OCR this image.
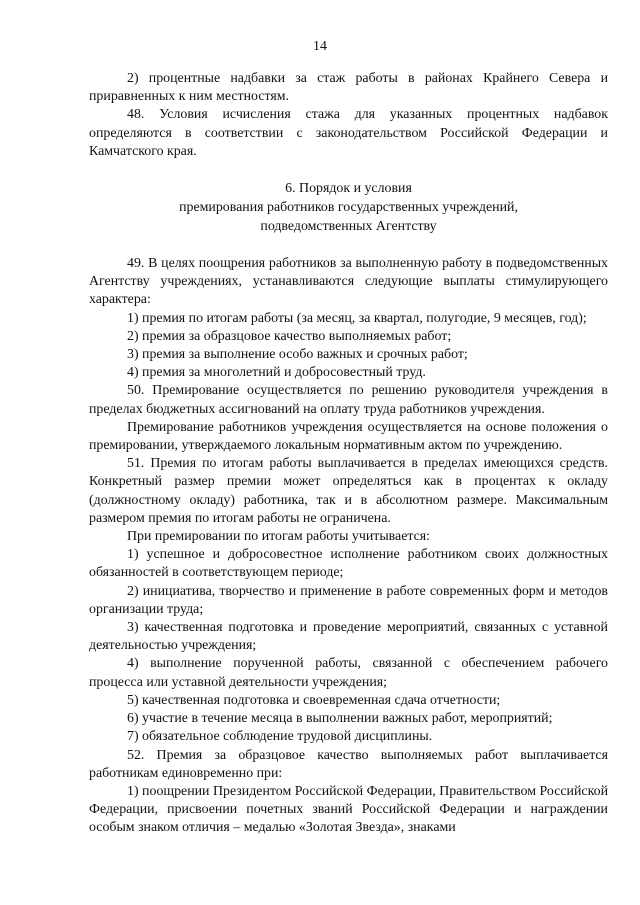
14

2) процентные надбавки за стаж работы в районах Крайнего Севера и приравненных к ним местностям.

48. Условия исчисления стажа для указанных процентных надбавок определяются в соответствии с законодательством Российской Федерации и Камчатского края.

6. Порядок и условия

премирования работников государственных учреждений,

подведомственных Агентству

49. В целях поощрения работников за выполненную работу в подведомственных Агентству учреждениях, устанавливаются следующие выплаты стимулирующего характера:

1) премия по итогам работы (за месяц, за квартал, полугодие, 9 месяцев, год);

2) премия за образцовое качество выполняемых работ;

3) премия за выполнение особо важных и срочных работ;

4) премия за многолетний и добросовестный труд.

50. Премирование осуществляется по решению руководителя учреждения в пределах бюджетных ассигнований на оплату труда работников учреждения.

Премирование работников учреждения осуществляется на основе положения о премировании, утверждаемого локальным нормативным актом по учреждению.

51. Премия по итогам работы выплачивается в пределах имеющихся средств. Конкретный размер премии может определяться как в процентах к окладу (должностному окладу) работника, так и в абсолютном размере. Максимальным размером премия по итогам работы не ограничена.

При премировании по итогам работы учитывается:

1) успешное и добросовестное исполнение работником своих должностных обязанностей в соответствующем периоде;

2) инициатива, творчество и применение в работе современных форм и методов организации труда;

3) качественная подготовка и проведение мероприятий, связанных с уставной деятельностью учреждения;

4) выполнение порученной работы, связанной с обеспечением рабочего процесса или уставной деятельности учреждения;

5) качественная подготовка и своевременная сдача отчетности;

6) участие в течение месяца в выполнении важных работ, мероприятий;

7) обязательное соблюдение трудовой дисциплины.

52. Премия за образцовое качество выполняемых работ выплачивается работникам единовременно при:

1) поощрении Президентом Российской Федерации, Правительством Российской Федерации, присвоении почетных званий Российской Федерации и награждении особым знаком отличия – медалью «Золотая Звезда», знаками
